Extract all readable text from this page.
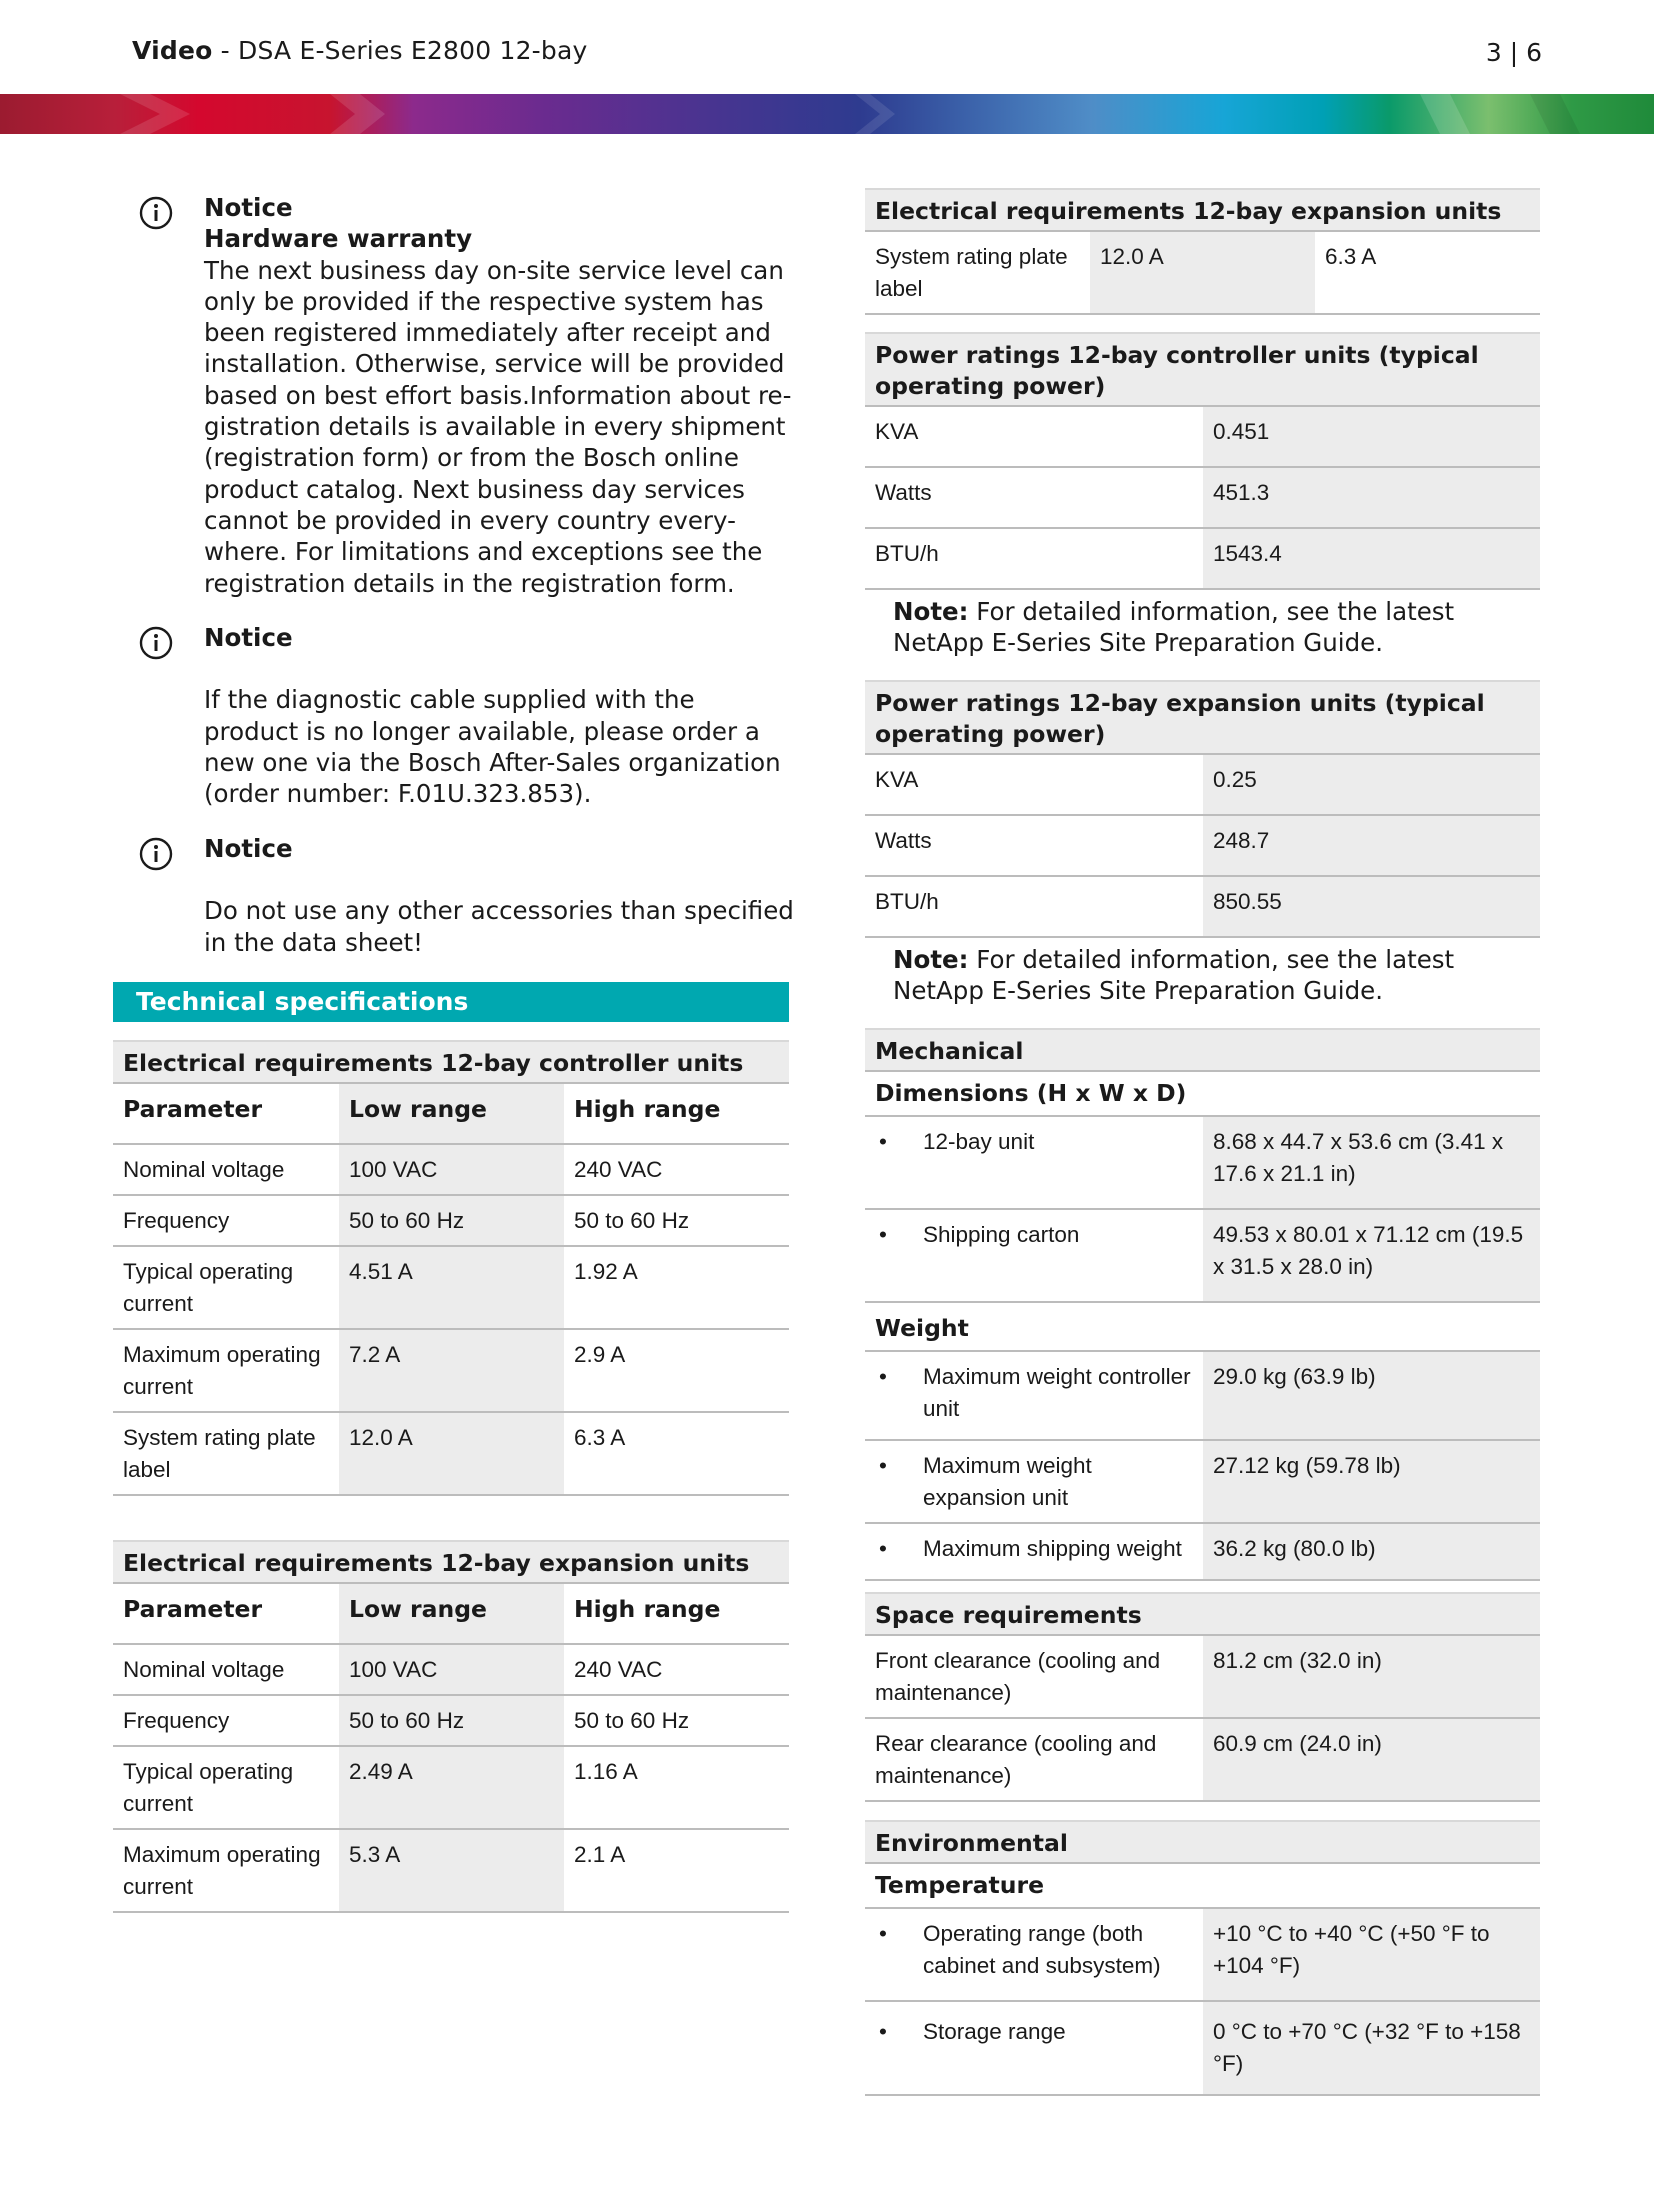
Video - DSA E-Series E2800 12-bay	3 | 6
Notice
Hardware warranty

The next business day on-site service level can
only be provided if the respective system has
been registered immediately after receipt and
installation. Otherwise, service will be provided
based on best effort basis.Information about re-
gistration details is available in every shipment
(registration form) or from the Bosch online
product catalog. Next business day services
cannot be provided in every country every-
where. For limitations and exceptions see the
registration details in the registration form.

Notice

If the diagnostic cable supplied with the
product is no longer available, please order a
new one via the Bosch After-Sales organization
(order number: F.01U.323.853).

Notice

Do not use any other accessories than specified
in the data sheet!

Technical specifications
Electrical requirements 12-bay controller units		
Parameter	Low range	High range
Nominal voltage	100 VAC	240 VAC
Frequency	50 to 60 Hz	50 to 60 Hz
Typical operating current	4.51 A	1.92 A
Maximum operating current	7.2 A	2.9 A
System rating plate label	12.0 A	6.3 A
Electrical requirements 12-bay expansion units		
Parameter	Low range	High range
Nominal voltage	100 VAC	240 VAC
Frequency	50 to 60 Hz	50 to 60 Hz
Typical operating current	2.49 A	1.16 A
Maximum operating current	5.3 A	2.1 A
Electrical requirements 12-bay expansion units
System rating plate label	12.0 A	6.3 A
Power ratings 12-bay controller units (typical operating power)	
KVA	0.451
Watts	451.3
BTU/h	1543.4
Note: For detailed information, see the latest NetApp E-Series Site Preparation Guide.	
Power ratings 12-bay expansion units (typical operating power)	
KVA	0.25
Watts	248.7
BTU/h	850.55
Note: For detailed information, see the latest NetApp E-Series Site Preparation Guide.	
Mechanical	
Dimensions (H x W x D)	

• 12-bay unit	8.68 x 44.7 x 53.6 cm (3.41 x 17.6 x 21.1 in)

• Shipping carton	49.53 x 80.01 x 71.12 cm (19.5 x 31.5 x 28.0 in)
Weight	

• Maximum weight controller unit	29.0 kg (63.9 lb)

• Maximum weight expansion unit	27.12 kg (59.78 lb)

• Maximum shipping weight	36.2 kg (80.0 lb)
Space requirements	
Front clearance (cooling and maintenance)	81.2 cm (32.0 in)
Rear clearance (cooling and maintenance)	60.9 cm (24.0 in)
Environmental	
Temperature	

• Operating range (both cabinet and subsystem)	+10 °C to +40 °C (+50 °F to +104 °F)

• Storage range	0 °C to +70 °C (+32 °F to +158 °F)
